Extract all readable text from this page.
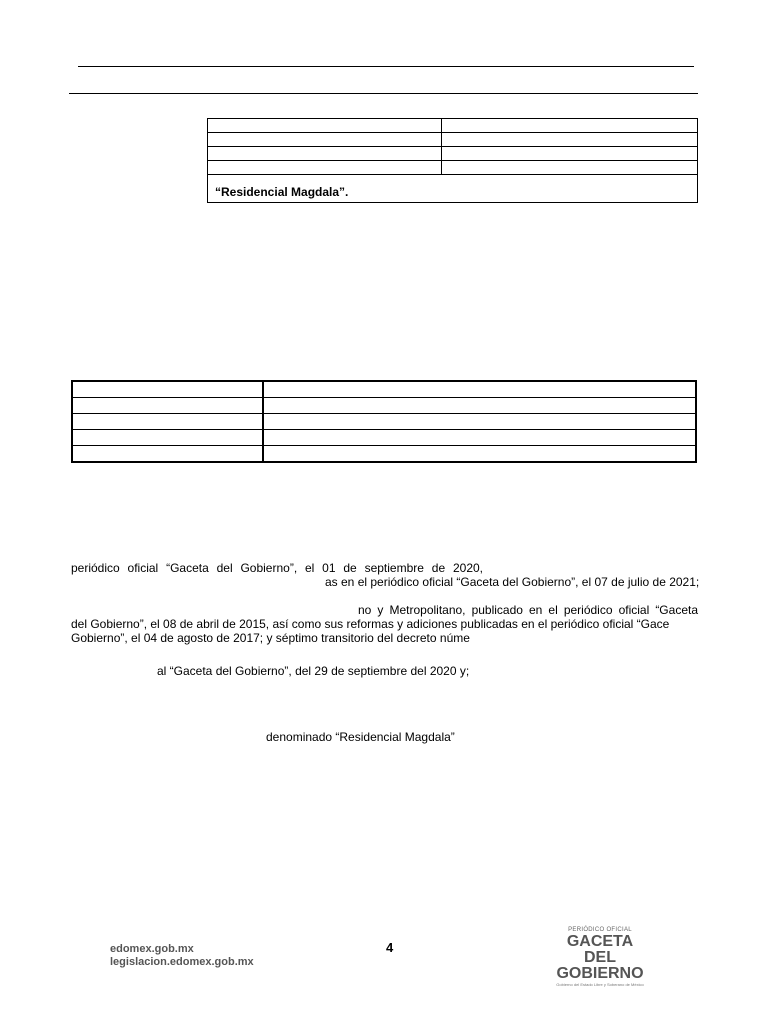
“Residencial Magdala”.	

periódico oficial “Gaceta del Gobierno”, el 01 de septiembre de 2020,
as en el periódico oficial “Gaceta del Gobierno”, el 07 de julio de 2021;
no y Metropolitano, publicado en el periódico oficial “Gaceta
del Gobierno”, el 08 de abril de 2015, así como sus reformas y adiciones publicadas en el periódico oficial “Gace
Gobierno”, el 04 de agosto de 2017; y séptimo transitorio del decreto núme
al “Gaceta del Gobierno”, del 29 de septiembre del 2020 y;
denominado “Residencial Magdala”
edomex.gob.mx
legislacion.edomex.gob.mx
4
PERIÓDICO OFICIAL
GACETA
DEL GOBIERNO
Gobierno del Estado Libre y Soberano de México
